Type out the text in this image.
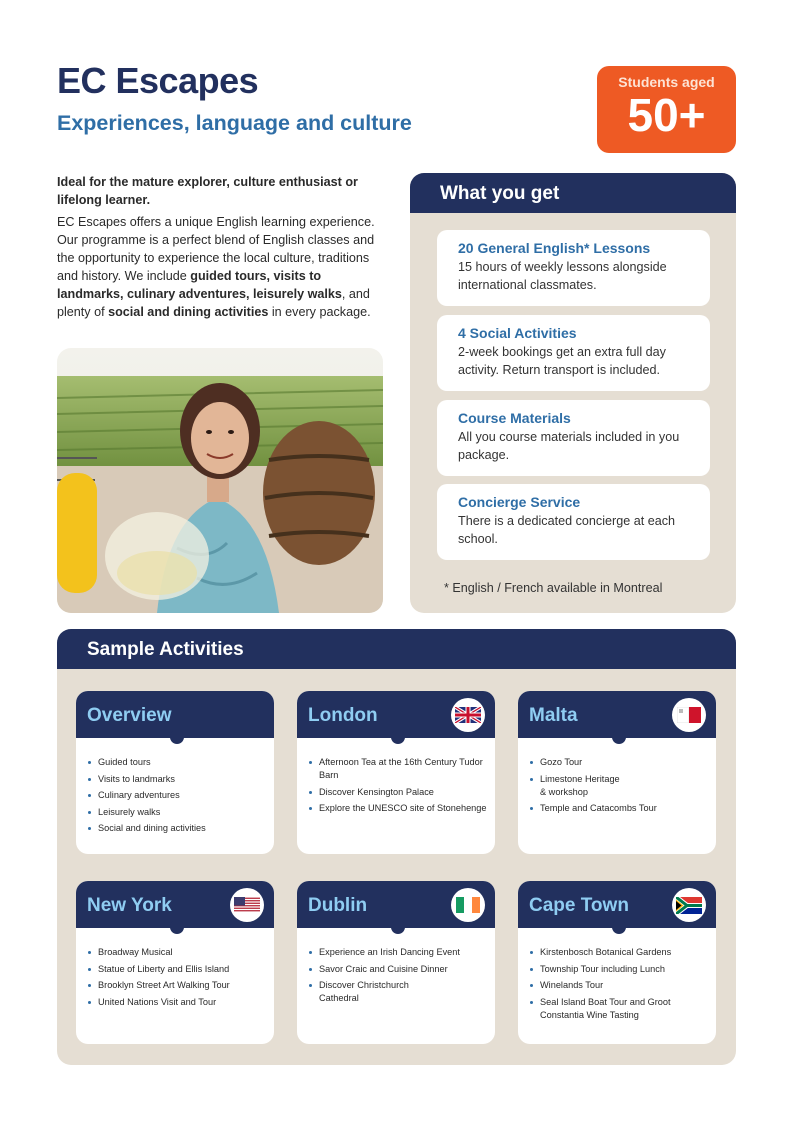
EC Escapes
Experiences, language and culture
Students aged
50+

Ideal for the mature explorer, culture enthusiast or lifelong learner.

EC Escapes offers a unique English learning experience. Our programme is a perfect blend of English classes and the opportunity to experience the local culture, traditions and history. We include guided tours, visits to landmarks, culinary adventures, leisurely walks, and plenty of social and dining activities in every package.

What you get
20 General English* Lessons
15 hours of weekly lessons alongside international classmates.
4 Social Activities
2-week bookings get an extra full day activity. Return transport is included.
Course Materials
All you course materials included in you package.
Concierge Service
There is a dedicated concierge at each school.
* English / French available in Montreal
Sample Activities
Overview
Guided tours
Visits to landmarks
Culinary adventures
Leisurely walks
Social and dining activities
London
Afternoon Tea at the 16th Century Tudor Barn
Discover Kensington Palace
Explore the UNESCO site of Stonehenge
Malta
Gozo Tour
Limestone Heritage
& workshop
Temple and Catacombs Tour
New York
Broadway Musical
Statue of Liberty and Ellis Island
Brooklyn Street Art Walking Tour
United Nations Visit and Tour
Dublin
Experience an Irish Dancing Event
Savor Craic and Cuisine Dinner
Discover Christchurch
Cathedral
Cape Town
Kirstenbosch Botanical Gardens
Township Tour including Lunch
Winelands Tour
Seal Island Boat Tour and Groot Constantia Wine Tasting
